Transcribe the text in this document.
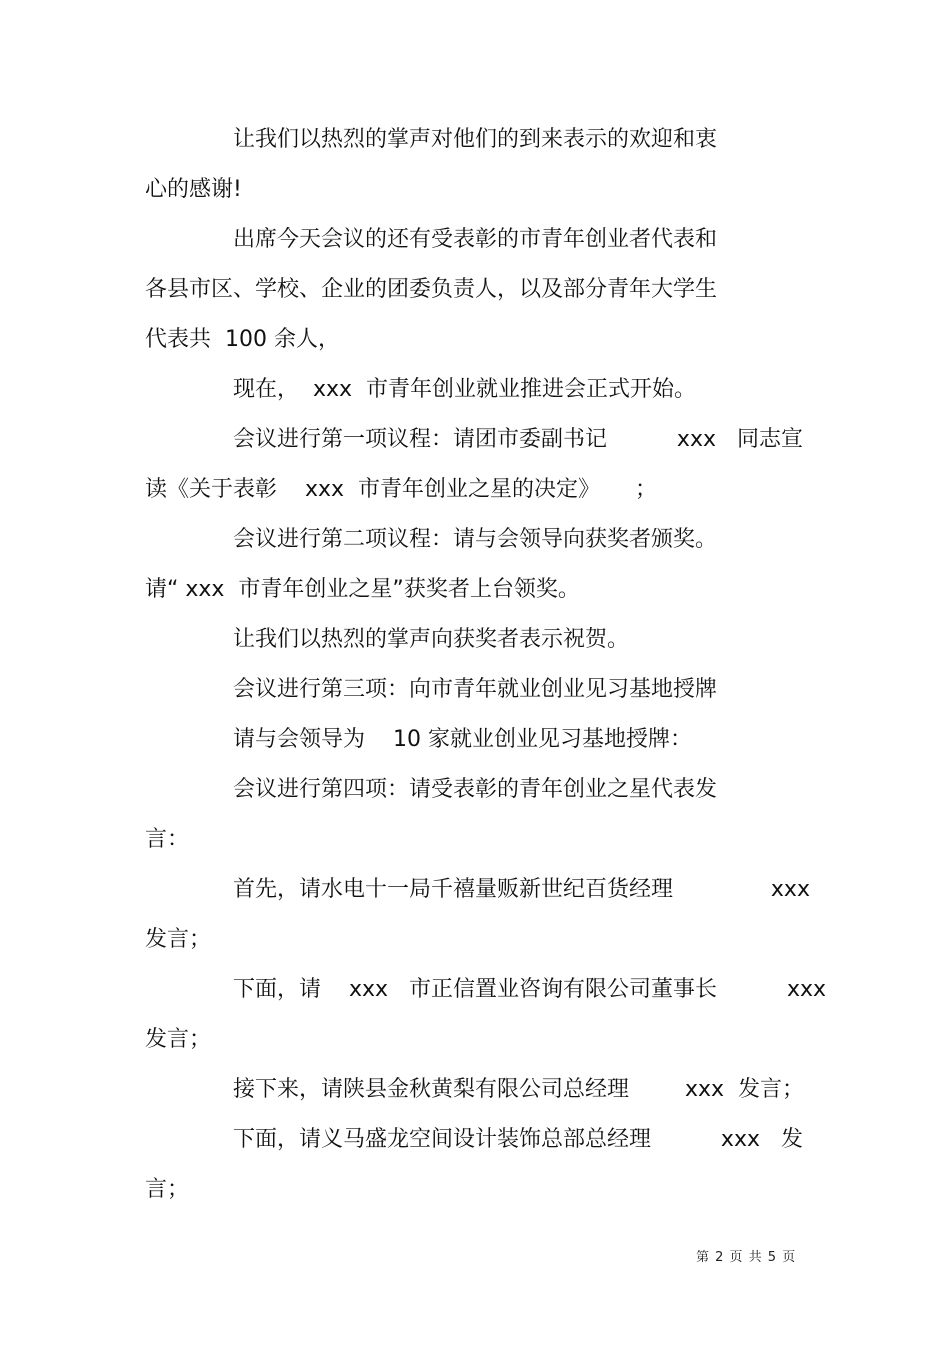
让我们以热烈的掌声对他们的到来表示的欢迎和衷
心的感谢!
出席今天会议的还有受表彰的市青年创业者代表和
各县市区、学校、企业的团委负责人，以及部分青年大学生
代表共  100 余人，
现在，  xxx  市青年创业就业推进会正式开始。
会议进行第一项议程：请团市委副书记          xxx   同志宣
读《关于表彰    xxx  市青年创业之星的决定》     ；
会议进行第二项议程：请与会领导向获奖者颁奖。
请“ xxx  市青年创业之星”获奖者上台领奖。
让我们以热烈的掌声向获奖者表示祝贺。
会议进行第三项：向市青年就业创业见习基地授牌
请与会领导为    10 家就业创业见习基地授牌：
会议进行第四项：请受表彰的青年创业之星代表发
言：
首先，请水电十一局千禧量贩新世纪百货经理              xxx
发言；
下面，请    xxx   市正信置业咨询有限公司董事长          xxx
发言；
接下来，请陕县金秋黄梨有限公司总经理        xxx  发言；
下面，请义马盛龙空间设计装饰总部总经理          xxx   发
言；
第 2 页 共 5 页
